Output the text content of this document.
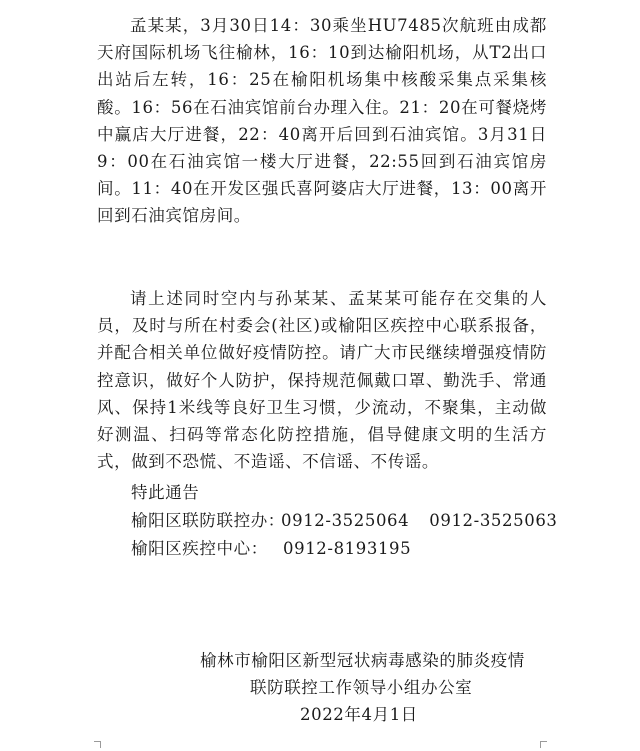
孟某某，3月30日14：30乘坐HU7485次航班由成都天府国际机场飞往榆林，16：10到达榆阳机场，从T2出口出站后左转，16：25在榆阳机场集中核酸采集点采集核酸。16：56在石油宾馆前台办理入住。21：20在可餐烧烤中赢店大厅进餐，22：40离开后回到石油宾馆。3月31日9：00在石油宾馆一楼大厅进餐，22:55回到石油宾馆房间。11：40在开发区强氏喜阿婆店大厅进餐，13：00离开回到石油宾馆房间。

请上述同时空内与孙某某、孟某某可能存在交集的人员，及时与所在村委会(社区)或榆阳区疾控中心联系报备，并配合相关单位做好疫情防控。请广大市民继续增强疫情防控意识，做好个人防护，保持规范佩戴口罩、勤洗手、常通风、保持1米线等良好卫生习惯，少流动，不聚集，主动做好测温、扫码等常态化防控措施，倡导健康文明的生活方式，做到不恐慌、不造谣、不信谣、不传谣。

特此通告
榆阳区联防联控办：0912-3525064 0912-3525063
榆阳区疾控中心： 0912-8193195
榆林市榆阳区新型冠状病毒感染的肺炎疫情
联防联控工作领导小组办公室
2022年4月1日
